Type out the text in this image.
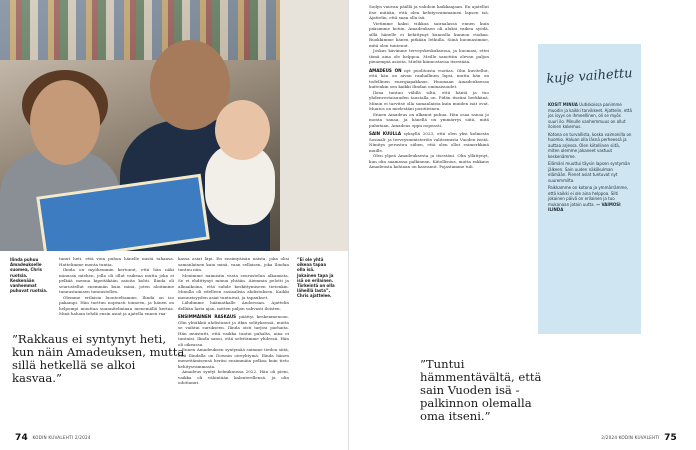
Ilinda puhuu Amadeukselle suomea, Chris ruotsia. Keskenään vanhemmat puhuvat ruotsia.

tunut heti, että voin puhua hänelle mistä tahansa. Hattelimme monta tuntia.

Ilinda on myöhemmin kertonut, että hän näki minussa miehen, jolla oli ollut vaikeaa mutta joka ei pelkää menna kipeitäkään asioita kohti. Ilinda oli seurustellut enemmän kuin minä, joten aloitimme tunnustamisen tunnustellen.

Olemme erilaisia luonteeltamme. Ilinda on iso pakampi. Hän tarttuu nopeasti toimeen, ja hänen on helpompi muuttaa suunnitelmiaan menemällä kertaa. Minä haluan tehdä ensin asiat ja ajatella ennen raa-

kassa asiat läpi. En ensimyäisän naista, joka olisi samanlainen kuin minä, vaan sellaisen, joka Ilindan tuntuu niin.

Menimme naimisiin vasta seurustelun alkamista. Se ei ehdittynyt minua yhtään. Aiemmin pelotti ja alkuaikoina, että suhde keskittymiseen tietenkin. Minulla oli edelleen sosiaalisia ahdistuksen. Kaikki menneisyyden asiat tuntuivat, ja tapaukset.

Lähdimme häämatkalle Andorraan. Ajattelin dellään lasta ajan, mitten paljon vahvasti iloisten.

ENSIMMÄINEN RASKAUS päättyi keskenmenoon. Olin yhtäkkiä ahdistunut ja itkin selityksessä, mutta se vaihtui surukseen. Ilinda oisti tarjosi parhaita. Hän muistutti, että vaikka tuntui pahalta, aina ei tuntuisi. Ilinda sanoi, että selvitämme yhdessä. Hän oli oikeassa.

Ennen Amadeuksen syntymää saimme tiedon siitä, että Ilindalla on Downin oireyhtymä. Ilinda hänen menettämisensä heräsi ensimmäin pelkoa kuin tieto kehitysvammasta.

Amadeus syntyi helmikuussa 2022. Hän oli pieni, vaikka oli vähintään kalenterillensä, ja olin odottanut.

”Ei ole yhtä oikeaa tapaa olla isä. Jokainen tapa ja isä on erilainen. Tärkeintä on olla läheillä lasta”, Chris ajattelee.
”Rakkaus ei syntynyt heti, kun näin Amadeuksen, mutta sillä hetkellä se alkoi kasvaa.”
74 KODIN KUVALEHTI 2/2024

Sodyn vauvan päällä ja vahdoin kaikkaajaan. En ajatellut itse mitään, että olen kehitysvammainen lapsen isä. Ajattelin, että saan olla isä.

Vietimme kaksi viikkoa sairaalassa ennen kuin pääsimme kotiin. Amadeuksen oli aluksi vaikea syödä, sillä hänelle ei kehittynyt kunnolla kunnon ruokaa. Ruokkimme hänen pitkään letkulla. Siinä huomasimme, mitä olen tuntenut.

Joskus kävimme terveyskeskuksessa, ja huomasi, ettei tämä aina ole helppoa. Meille sanottiin olevan paljon pienempiä asioita. Mieltä kiinnostavaa itsestään.

AMADEUS ON nyt puolitoista vuotias. Olin kuvitellut, että hän on aivan rauhallinen lapsi, mutta hän on todellinen energiapakkaus. Huomaan Amadeuksessa kuitenkin sen kaikki Ilindan ominaisuudet.

Ilona tuntuu välillä siltä, että häntä ja tuo yhdenvertaisuuden taustalla on. Pidän itseäni herkkänä. Minun ei tarvitse olla samanlaista kuin muiden isät ovat. Muutos on mielestäni positiivinen.

Ennen Amadeus on alkanut puhua. Hän osaa sanoa jo monta sanaa, ja hänellä on ymmärrys siitä, mitä puhutaan. Amadeus oppii nopeasti.

SAIN KUULLA syksyllä 2023, että olen yksi kolmesta Sosiaali- ja terveysministeriön valitsemista Vuoden isistä. Nimitys perustuu siihen, että olen ollut esimerkkinä muille.

Olen ylpeä Amadeuksesta ja itsestäni. Olin yllättynyt, kun olin saamassa palkinnon. Kiitollisuus, mutta rakkaus Amadeusta kohtaan on kasvanut. Pojastamme tuli.

kuje vaihettu

KOSIT MINUA Uutiskoissa panimme muodin ja kaikki tarvikkeet. Ajattelin, että jos isyys on ihmeellinen, oli se myös suuri ilo. Minulle vanhemmuus on ollut iloinen kokemus.

Kotona on turvallista, koska vaimonilla on huomio. Haluan olla läsnä perheessä ja auttaa arjessa. Olen kiitollinen siitä, miten olemme jakaneet vastuut keskenämme.

Elämäni muuttui täysin lapsen syntymän jälkeen. Sain uuden näkökulman elämään. Pienet asiat tuntuvat nyt suuremmilta.

Paikkamme on kotona ja ymmärrämme, että kaikki ei ole aina helppoa. Silti jokainen päivä on erilainen ja tuo mukanaan jotain uutta. — VAIMOSI ILINDA

”Tuntui hämmentävältä, että sain Vuoden isä -palkinnon olemalla oma itseni.”
2/2024 KODIN KUVALEHTI 75
